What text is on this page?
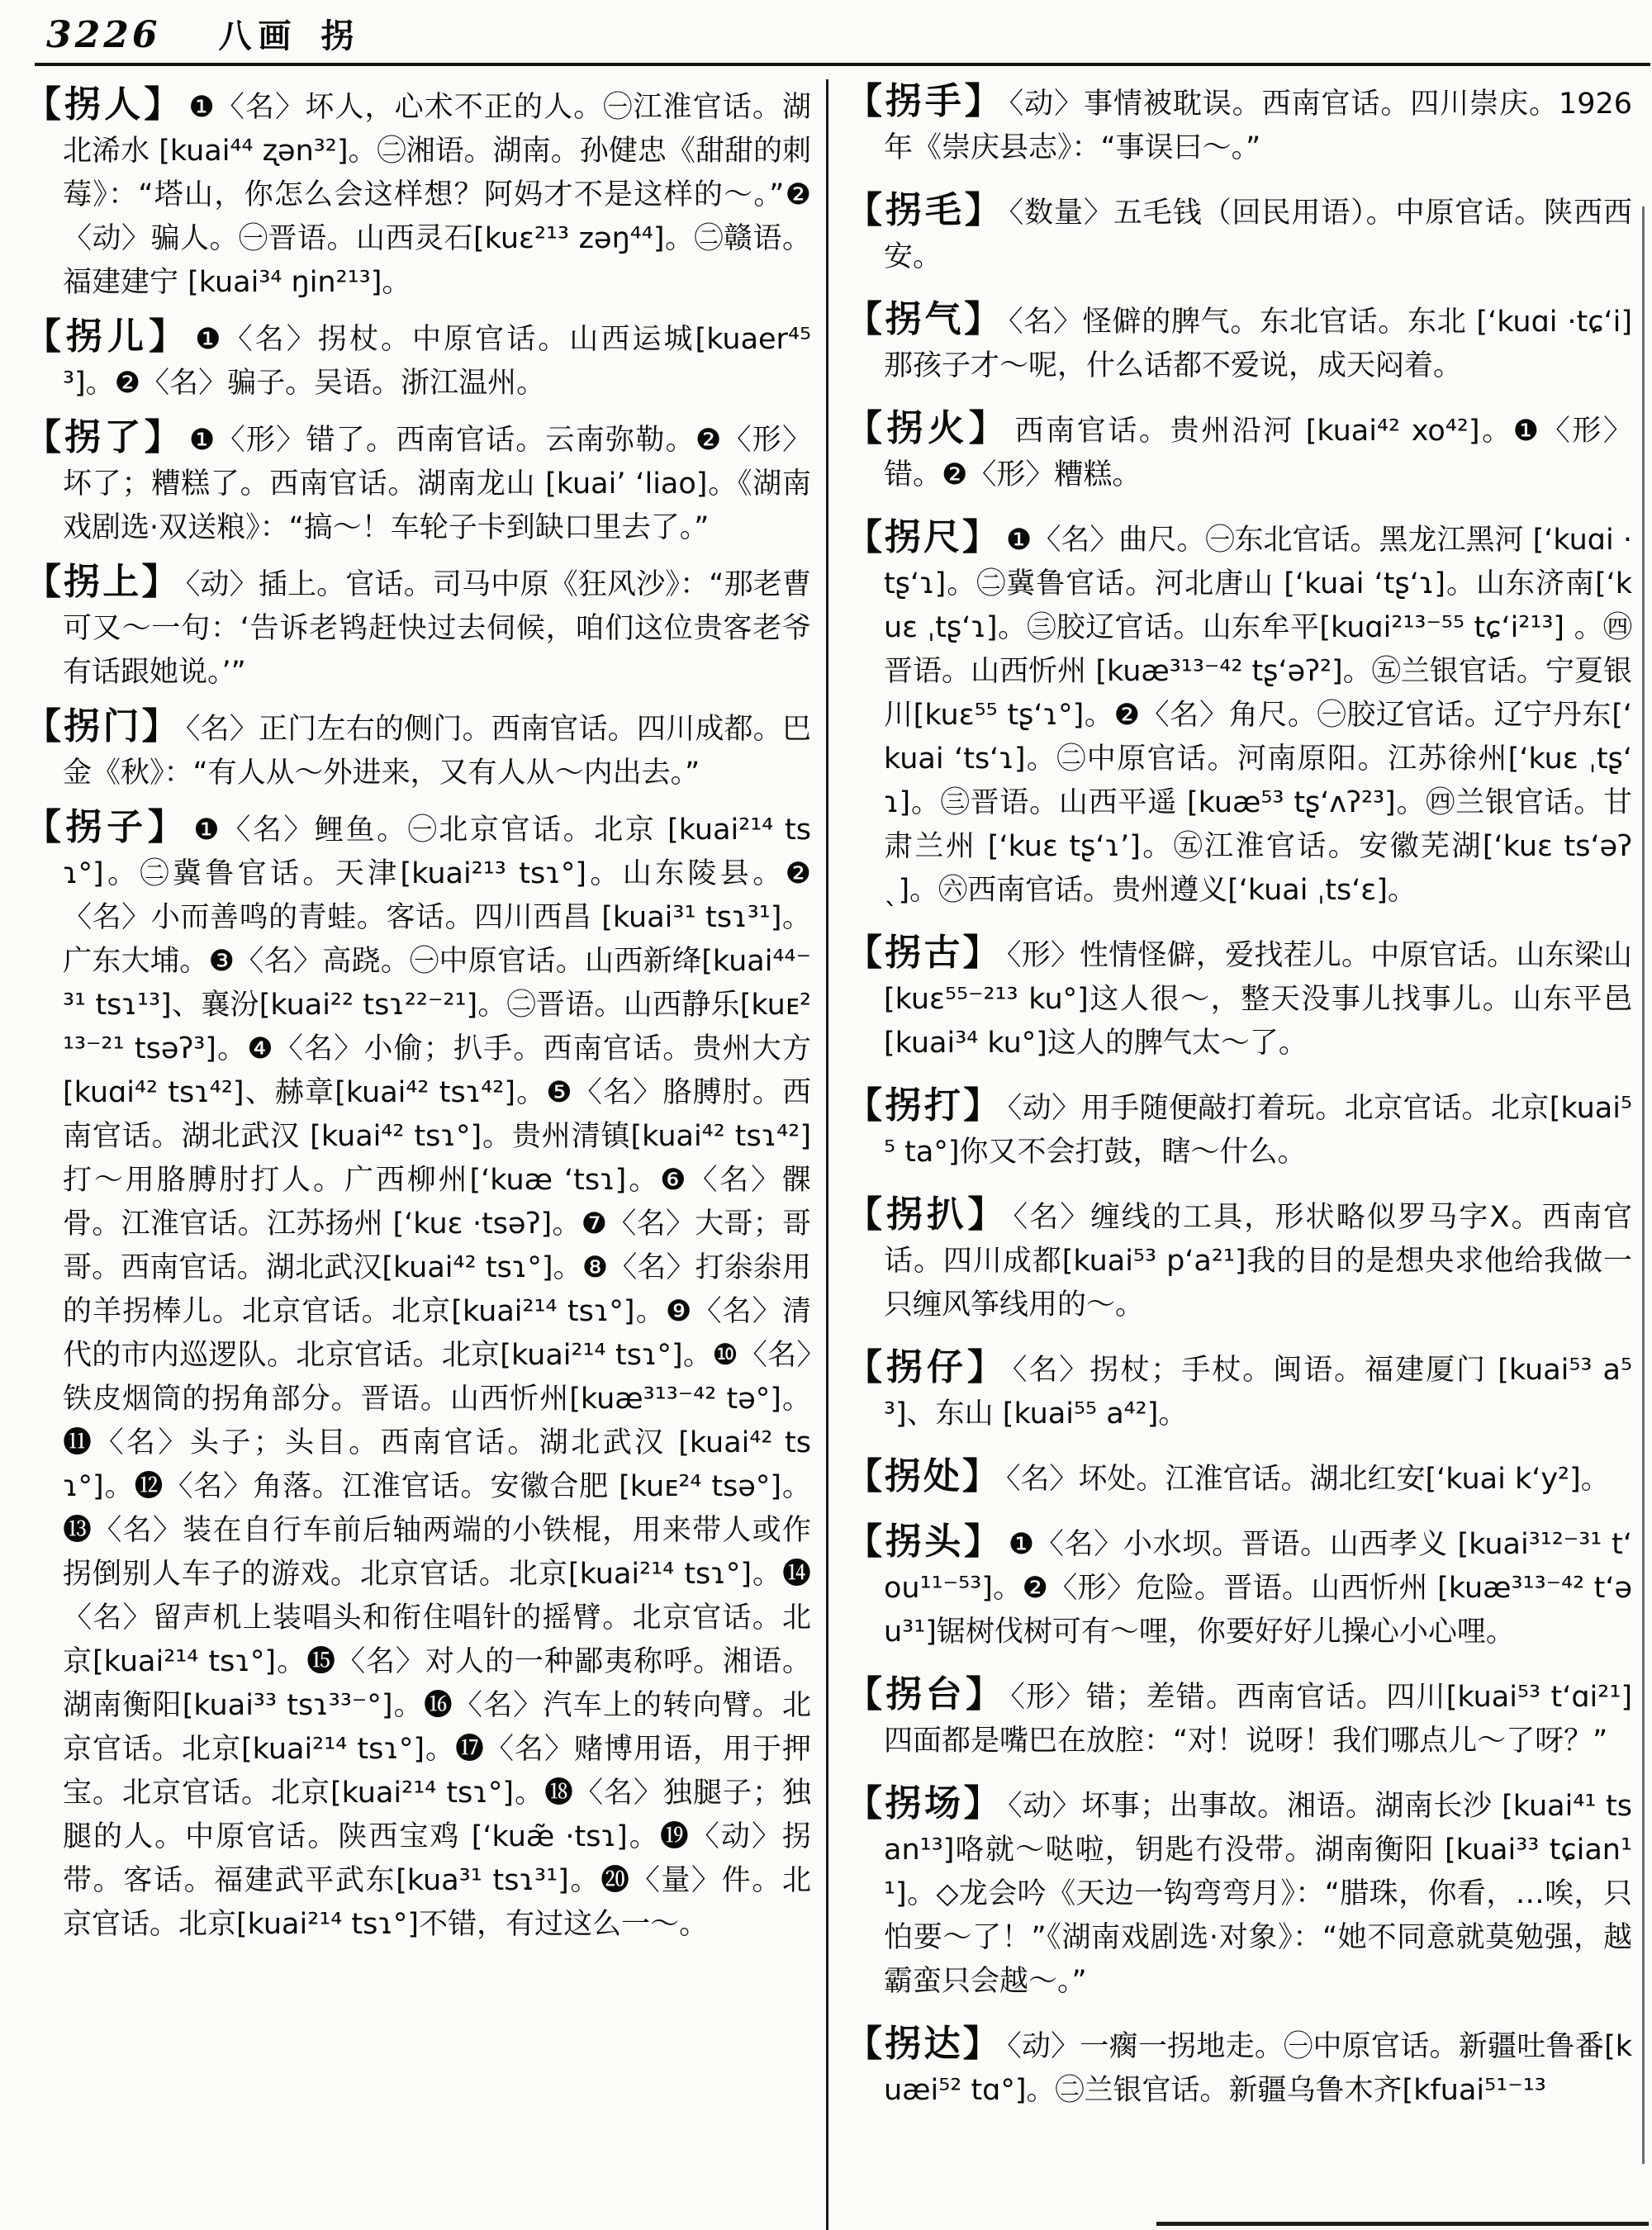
3226 八画 拐
【拐人】 ❶〈名〉坏人，心术不正的人。㊀江淮官话。湖北浠水 [kuai⁴⁴ ʐən³²]。㊁湘语。湖南。孙健忠《甜甜的刺莓》：“塔山，你怎么会这样想？阿妈才不是这样的～。”❷〈动〉骗人。㊀晋语。山西灵石[kuɛ²¹³ zəŋ⁴⁴]。㊁赣语。福建建宁 [kuai³⁴ ŋin²¹³]。
【拐儿】 ❶〈名〉拐杖。中原官话。山西运城[kuaer⁴⁵³]。❷〈名〉骗子。吴语。浙江温州。
【拐了】 ❶〈形〉错了。西南官话。云南弥勒。❷〈形〉坏了；糟糕了。西南官话。湖南龙山 [kuaiʼ ʻliao]。《湖南戏剧选·双送粮》：“搞～！车轮子卡到缺口里去了。”
【拐上】 〈动〉插上。官话。司马中原《狂风沙》：“那老曹可又～一句：‘告诉老鸨赶快过去伺候，咱们这位贵客老爷有话跟她说。’”
【拐门】 〈名〉正门左右的侧门。西南官话。四川成都。巴金《秋》：“有人从～外进来，又有人从～内出去。”
【拐子】 ❶〈名〉鲤鱼。㊀北京官话。北京 [kuai²¹⁴ tsɿ°]。㊁冀鲁官话。天津[kuai²¹³ tsɿ°]。山东陵县。❷〈名〉小而善鸣的青蛙。客话。四川西昌 [kuai³¹ tsɿ³¹]。广东大埔。❸〈名〉高跷。㊀中原官话。山西新绛[kuai⁴⁴⁻³¹ tsɿ¹³]、襄汾[kuai²² tsɿ²²⁻²¹]。㊁晋语。山西静乐[kuᴇ²¹³⁻²¹ tsəʔ³]。❹〈名〉小偷；扒手。西南官话。贵州大方[kuɑi⁴² tsɿ⁴²]、赫章[kuai⁴² tsɿ⁴²]。❺〈名〉胳膊肘。西南官话。湖北武汉 [kuai⁴² tsɿ°]。贵州清镇[kuai⁴² tsɿ⁴²]打～用胳膊肘打人。广西柳州[ʻkuæ ʻtsɿ]。❻〈名〉髁骨。江淮官话。江苏扬州 [ʻkuɛ ·tsəʔ]。❼〈名〉大哥；哥哥。西南官话。湖北武汉[kuai⁴² tsɿ°]。❽〈名〉打尜尜用的羊拐棒儿。北京官话。北京[kuai²¹⁴ tsɿ°]。❾〈名〉清代的市内巡逻队。北京官话。北京[kuai²¹⁴ tsɿ°]。❿〈名〉铁皮烟筒的拐角部分。晋语。山西忻州[kuæ³¹³⁻⁴² tə°]。⓫〈名〉头子；头目。西南官话。湖北武汉 [kuai⁴² tsɿ°]。⓬〈名〉角落。江淮官话。安徽合肥 [kuᴇ²⁴ tsə°]。⓭〈名〉装在自行车前后轴两端的小铁棍，用来带人或作拐倒别人车子的游戏。北京官话。北京[kuai²¹⁴ tsɿ°]。⓮〈名〉留声机上装唱头和衔住唱针的摇臂。北京官话。北京[kuai²¹⁴ tsɿ°]。⓯〈名〉对人的一种鄙夷称呼。湘语。湖南衡阳[kuai³³ tsɿ³³⁻°]。⓰〈名〉汽车上的转向臂。北京官话。北京[kuai²¹⁴ tsɿ°]。⓱〈名〉赌博用语，用于押宝。北京官话。北京[kuai²¹⁴ tsɿ°]。⓲〈名〉独腿子；独腿的人。中原官话。陕西宝鸡 [ʻkuæ̃ ·tsɿ]。⓳〈动〉拐带。客话。福建武平武东[kua³¹ tsɿ³¹]。⓴〈量〉件。北京官话。北京[kuai²¹⁴ tsɿ°]不错，有过这么一～。
【拐手】 〈动〉事情被耽误。西南官话。四川崇庆。1926年《崇庆县志》：“事误曰～。”
【拐毛】 〈数量〉五毛钱（回民用语）。中原官话。陕西西安。
【拐气】 〈名〉怪僻的脾气。东北官话。东北 [ʻkuɑi ·tɕʻi]那孩子才～呢，什么话都不爱说，成天闷着。
【拐火】 西南官话。贵州沿河 [kuai⁴² xo⁴²]。❶〈形〉错。❷〈形〉糟糕。
【拐尺】 ❶〈名〉曲尺。㊀东北官话。黑龙江黑河 [ʻkuɑi ·tʂʻɿ]。㊁冀鲁官话。河北唐山 [ʻkuai ʻtʂʻɿ]。山东济南[ʻkuɛ ˌtʂʻɿ]。㊂胶辽官话。山东牟平[kuɑi²¹³⁻⁵⁵ tɕʻi²¹³] 。㊃晋语。山西忻州 [kuæ³¹³⁻⁴² tʂʻəʔ²]。㊄兰银官话。宁夏银川[kuɛ⁵⁵ tʂʻɿ°]。❷〈名〉角尺。㊀胶辽官话。辽宁丹东[ʻkuai ʻtsʻɿ]。㊁中原官话。河南原阳。江苏徐州[ʻkuɛ ˌtʂʻɿ]。㊂晋语。山西平遥 [kuæ⁵³ tʂʻʌʔ²³]。㊃兰银官话。甘肃兰州 [ʻkuɛ tʂʻɿʼ]。㊄江淮官话。安徽芜湖[ʻkuɛ tsʻəʔˎ]。㊅西南官话。贵州遵义[ʻkuai ˌtsʻɛ]。
【拐古】 〈形〉性情怪僻，爱找茬儿。中原官话。山东梁山[kuɛ⁵⁵⁻²¹³ ku°]这人很～，整天没事儿找事儿。山东平邑[kuai³⁴ ku°]这人的脾气太～了。
【拐打】 〈动〉用手随便敲打着玩。北京官话。北京[kuai⁵⁵ ta°]你又不会打鼓，瞎～什么。
【拐扒】 〈名〉缠线的工具，形状略似罗马字Ⅹ。西南官话。四川成都[kuai⁵³ pʻa²¹]我的目的是想央求他给我做一只缠风筝线用的～。
【拐仔】 〈名〉拐杖；手杖。闽语。福建厦门 [kuai⁵³ a⁵³]、东山 [kuai⁵⁵ a⁴²]。
【拐处】 〈名〉坏处。江淮官话。湖北红安[ʻkuai kʻy²]。
【拐头】 ❶〈名〉小水坝。晋语。山西孝义 [kuai³¹²⁻³¹ tʻou¹¹⁻⁵³]。❷〈形〉危险。晋语。山西忻州 [kuæ³¹³⁻⁴² tʻəu³¹]锯树伐树可有～哩，你要好好儿操心小心哩。
【拐台】 〈形〉错；差错。西南官话。四川[kuai⁵³ tʻɑi²¹]四面都是嘴巴在放腔：“对！说呀！我们哪点儿～了呀？”
【拐场】 〈动〉坏事；出事故。湘语。湖南长沙 [kuai⁴¹ tsan¹³]咯就～哒啦，钥匙冇没带。湖南衡阳 [kuai³³ tɕian¹¹]。◇龙会吟《天边一钩弯弯月》：“腊珠，你看，…唉，只怕要～了！”《湖南戏剧选·对象》：“她不同意就莫勉强，越霸蛮只会越～。”
【拐达】 〈动〉一瘸一拐地走。㊀中原官话。新疆吐鲁番[kuæi⁵² tɑ°]。㊁兰银官话。新疆乌鲁木齐[kfuai⁵¹⁻¹³
